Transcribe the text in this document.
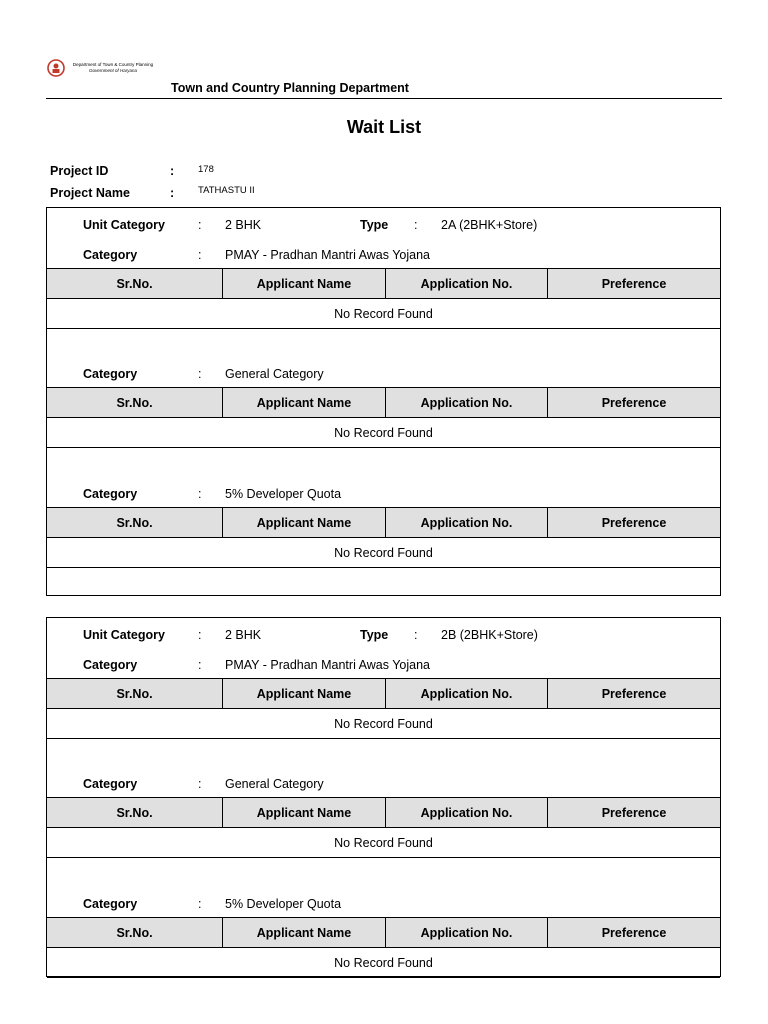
Department of Town & Country Planning
Government of Haryana
Town and Country Planning Department
Wait List
Project ID	:	178
Project Name	:	TATHASTU II
Unit Category	: 2 BHK	Type : 2A (2BHK+Store)
Category	: PMAY - Pradhan Mantri Awas Yojana
Sr.No.	Applicant Name	Application No.	Preference
No Record Found
Category	: General Category
Sr.No.	Applicant Name	Application No.	Preference
No Record Found
Category	: 5% Developer Quota
Sr.No.	Applicant Name	Application No.	Preference
No Record Found
Unit Category	: 2 BHK	Type : 2B (2BHK+Store)
Category	: PMAY - Pradhan Mantri Awas Yojana
Sr.No.	Applicant Name	Application No.	Preference
No Record Found
Category	: General Category
Sr.No.	Applicant Name	Application No.	Preference
No Record Found
Category	: 5% Developer Quota
Sr.No.	Applicant Name	Application No.	Preference
No Record Found
